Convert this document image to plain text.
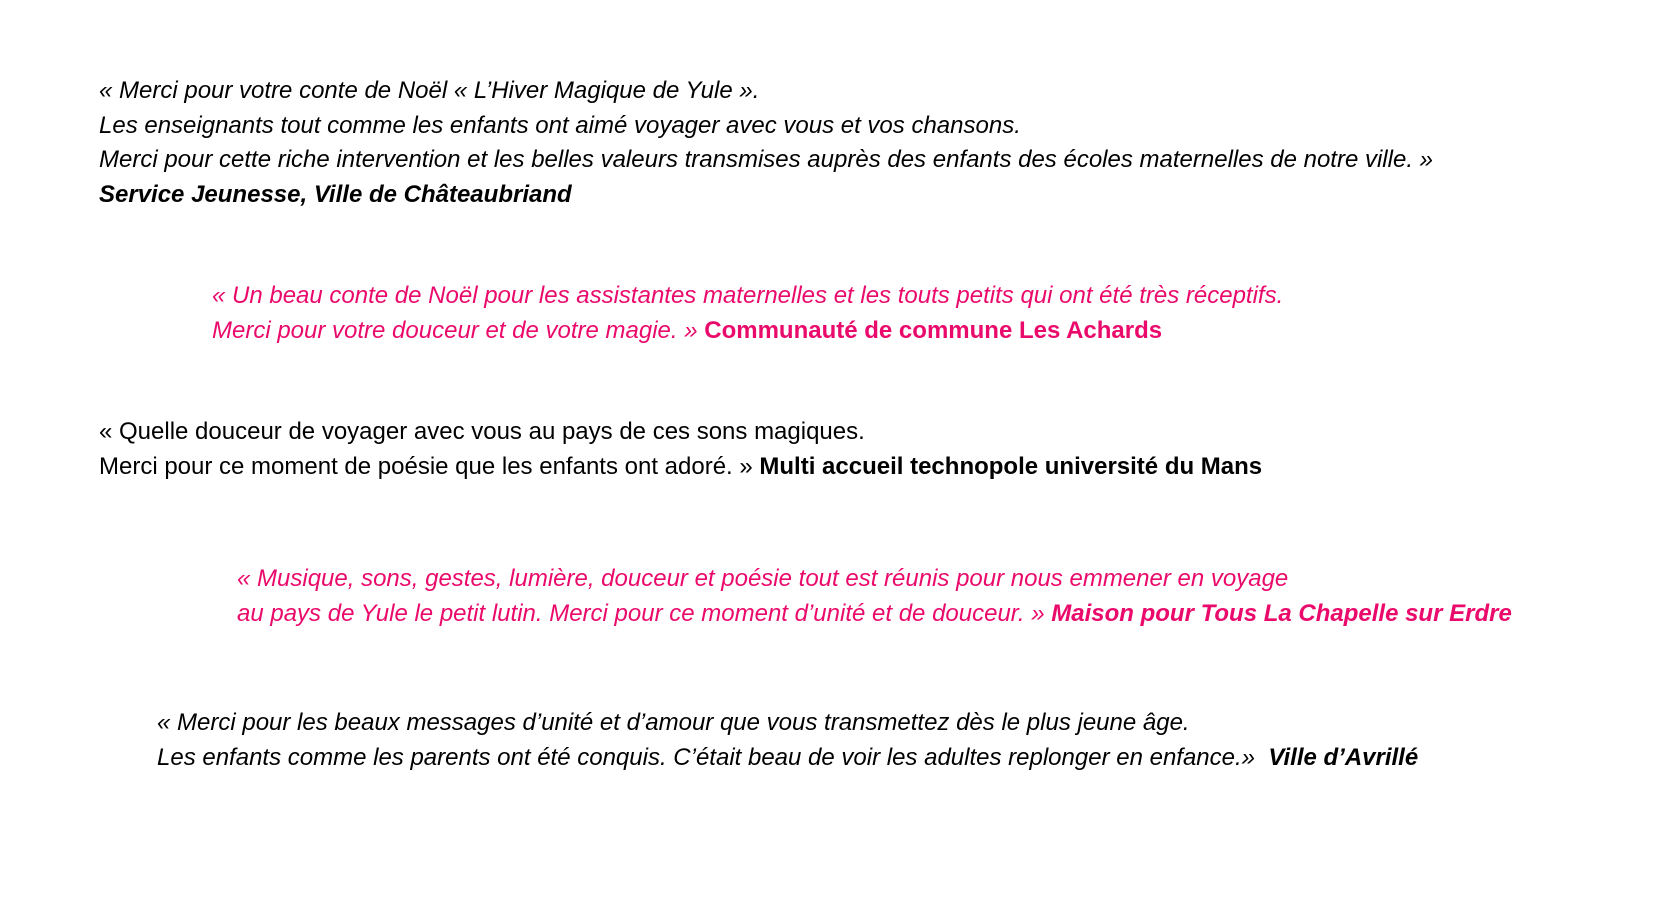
« Merci pour votre conte de Noël « L’Hiver Magique de Yule ».
Les enseignants tout comme les enfants ont aimé voyager avec vous et vos chansons.
Merci pour cette riche intervention et les belles valeurs transmises auprès des enfants des écoles maternelles de notre ville. »
Service Jeunesse, Ville de Châteaubriand
« Un beau conte de Noël pour les assistantes maternelles et les touts petits qui ont été très réceptifs.
Merci pour votre douceur et de votre magie. » Communauté de commune Les Achards
« Quelle douceur de voyager avec vous au pays de ces sons magiques.
Merci pour ce moment de poésie que les enfants ont adoré. » Multi accueil technopole université du Mans
« Musique, sons, gestes, lumière, douceur et poésie tout est réunis pour nous emmener en voyage
au pays de Yule le petit lutin. Merci pour ce moment d’unité et de douceur. » Maison pour Tous La Chapelle sur Erdre
« Merci pour les beaux messages d’unité et d’amour que vous transmettez dès le plus jeune âge.
Les enfants comme les parents ont été conquis. C’était beau de voir les adultes replonger en enfance.» Ville d’Avrillé
